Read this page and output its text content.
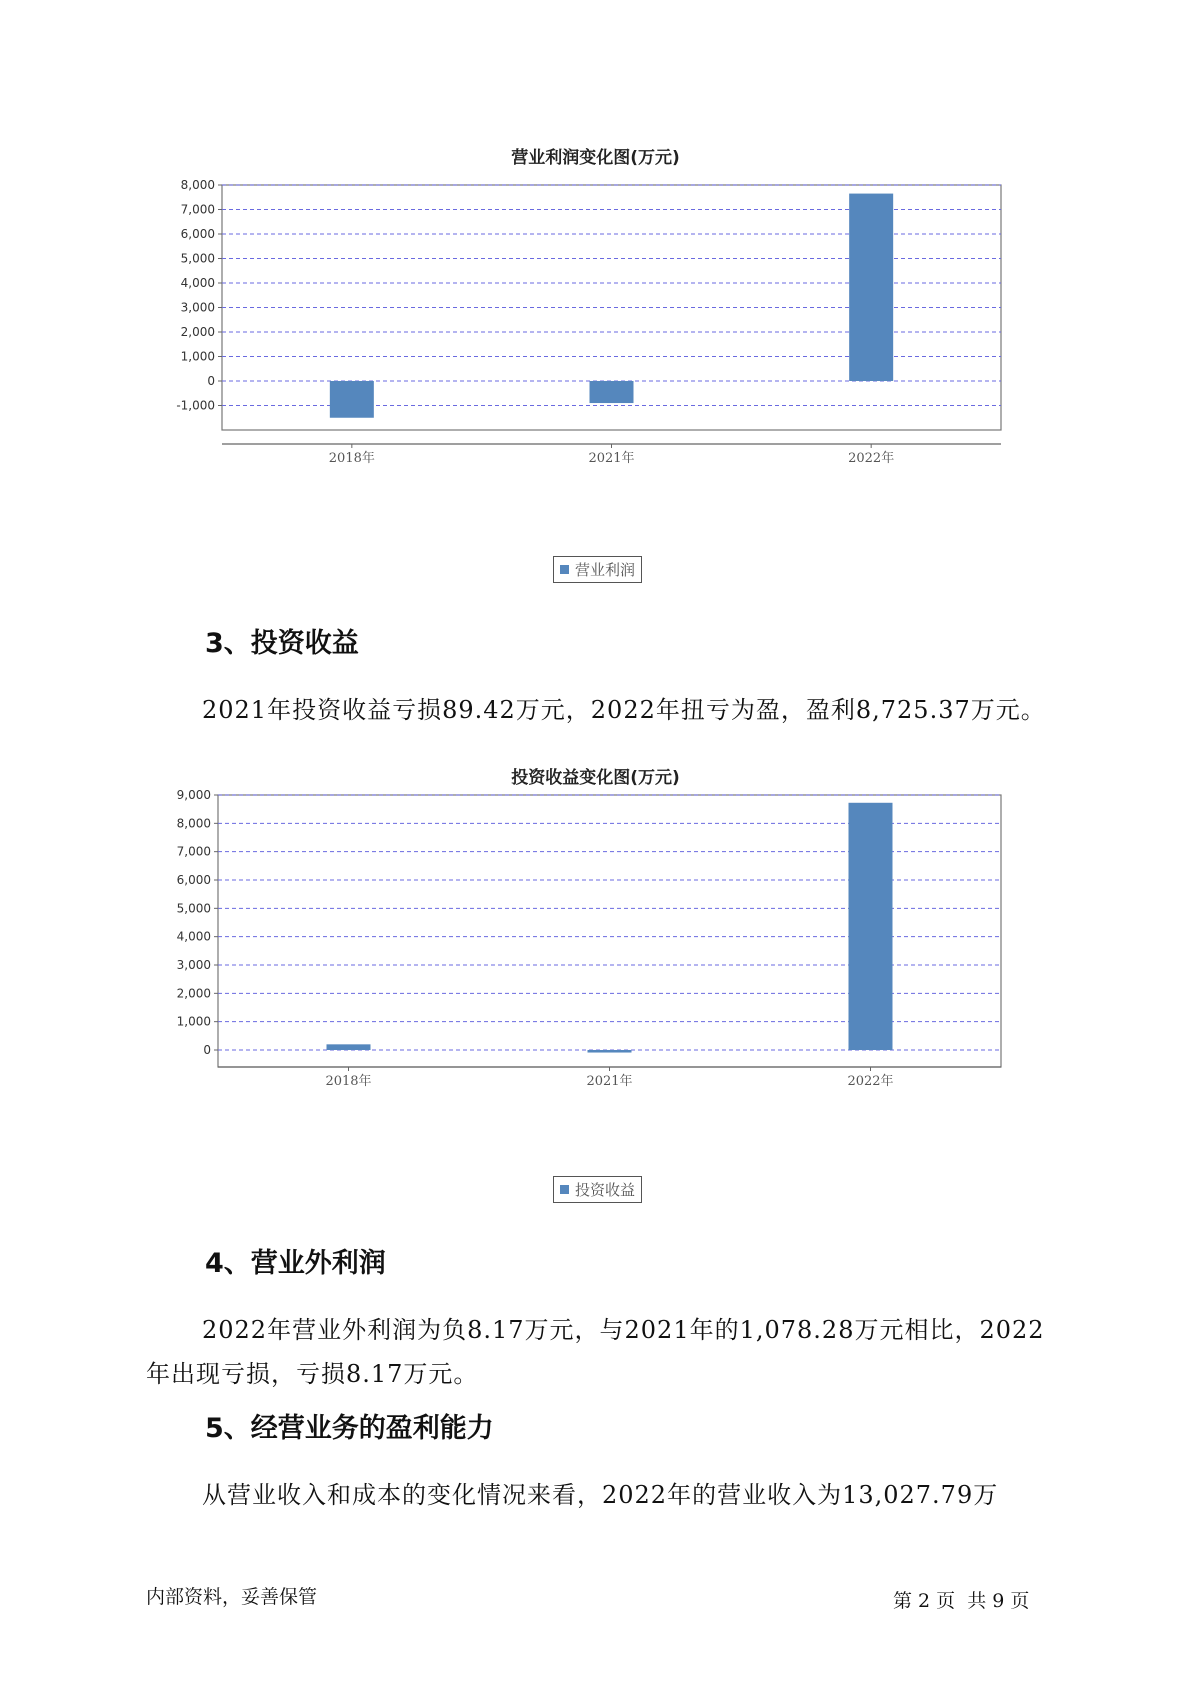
营业利润变化图(万元)
-1,000
0
1,000
2,000
3,000
4,000
5,000
6,000
7,000
8,000
2018年	2021年	2022年
营业利润
3、投资收益
2021年投资收益亏损89.42万元，2022年扭亏为盈，盈利8,725.37万元。
投资收益变化图(万元)
0
1,000
2,000
3,000
4,000
5,000
6,000
7,000
8,000
9,000
2018年	2021年	2022年
投资收益
4、营业外利润
2022年营业外利润为负8.17万元，与2021年的1,078.28万元相比，2022
年出现亏损，亏损8.17万元。
5、经营业务的盈利能力
从营业收入和成本的变化情况来看，2022年的营业收入为13,027.79万
内部资料，妥善保管	第 2 页  共 9 页
